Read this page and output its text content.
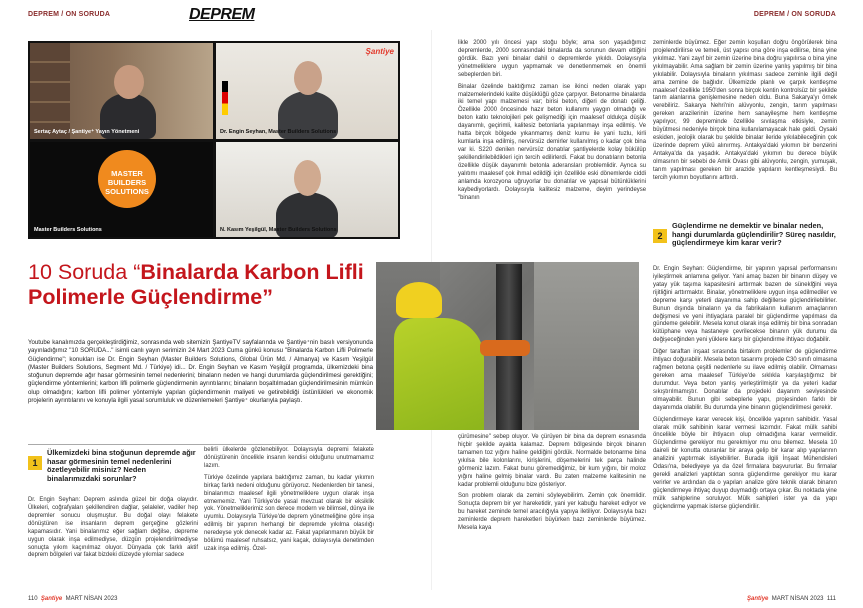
DEPREM / ON SORUDA	DEPREM	DEPREM / ON SORUDA
Sertaç Aytaç / Şantiye⁺ Yayın Yönetmeni
Şantiye
Dr. Engin Seyhan, Master Builders Solutions
MASTER BUILDERS SOLUTIONS
Master Builders Solutions	N. Kasım Yeşilgül, Master Builders Solutions
10 Soruda “Binalarda Karbon Lifli Polimerle Güçlendirme”
Youtube kanalımızda gerçekleştirdiğimiz, sonrasında web sitemizin ŞantiyeTV sayfalarında ve Şantiye⁺nin basılı versiyonunda yayınladığımız "10 SORUDA..." isimli canlı yayın serimizin 24 Mart 2023 Cuma günkü konusu "Binalarda Karbon Lifli Polimerle Güçlendirme"; konukları ise Dr. Engin Seyhan (Master Builders Solutions, Global Ürün Md. / Almanya) ve Kasım Yeşilgül (Master Builders Solutions, Segment Md. / Türkiye) idi... Dr. Engin Seyhan ve Kasım Yeşilgül programda, ülkemizdeki bina stoğunun depremde ağır hasar görmesinin temel nedenlerini; binaların neden ve hangi durumlarda güçlendirilmesi gerektiğini; güçlendirme yöntemlerini; karbon lifli polimerle güçlendirmenin ayrıntılarını; binaların boşaltılmadan güçlendirilmesinin mümkün olup olmadığını; karbon lifli polimer yöntemiyle yapılan güçlendirmenin maliyeti ve getirebildiği üstünlükleri ve ekonomik projelerin ayrıntılarını ve konuyla ilgili yasal sorumluluk ve düzenlemeleri Şantiye⁺ okurlarıyla paylaştı.
1
Ülkemizdeki bina stoğunun depremde ağır hasar görmesinin temel nedenlerini özetleyebilir misiniz? Neden binalarımızdaki sorunlar?

Dr. Engin Seyhan: Deprem aslında güzel bir doğa olayıdır. Ülkeleri, coğrafyaları şekillendiren dağlar, şelaleler, vadiler hep depremler sonucu oluşmuştur. Bu doğal olayı felakete dönüştüren ise insanların deprem gerçeğine gözlerini kapamasıdır. Yani binalarımız eğer sağlam değilse, depreme uygun olarak inşa edilmediyse, düzgün projelendirilmediyse sonuçta yıkım kaçınılmaz oluyor. Dünyada çok farklı aktif deprem bölgeleri var fakat bizdeki düzeyde yıkımlar sadece

belirli ülkelerde gözlenebiliyor. Dolayısıyla depremi felakete dönüştürenin öncelikle insanın kendisi olduğunu unutmamamız lazım.

Türkiye özelinde yapılara baktığımız zaman, bu kadar yıkımın birkaç farklı nedeni olduğunu görüyoruz. Nedenlerden bir tanesi, binalarımızı maalesef ilgili yönetmeliklere uygun olarak inşa etmememiz. Yani Türkiye'de yasal mevzuat olarak bir eksiklik yok. Yönetmeliklerimiz son derece modern ve bilimsel, dünya ile uyumlu. Dolayısıyla Türkiye'de deprem yönetmeliğine göre inşa edilmiş bir yapının herhangi bir depremde yıkılma olasılığı neredeyse yok denecek kadar az. Fakat yapılanmanın büyük bir bölümü maalesef ruhsatsız, yani kaçak, dolayısıyla denetimden uzak inşa edilmiş. Özel-

likle 2000 yılı öncesi yapı stoğu böyle; ama son yaşadığımız depremlerde, 2000 sonrasındaki binalarda da sorunun devam ettiğini gördük. Bazı yeni binalar dahil o depremlerde yıkıldı. Dolayısıyla yönetmeliklere uygun yapmamak ve denetlenmemek en önemli sebeplerden biri.

Binalar özelinde baktığımız zaman ise ikinci neden olarak yapı malzemelerindeki kalite düşüklüğü göze çarpıyor. Betonarme binalarda iki temel yapı malzemesi var; birisi beton, diğeri de donatı çeliği. Özellikle 2000 öncesinde hazır beton kullanımı yaygın olmadığı ve beton katkı teknolojileri pek gelişmediği için maalesef oldukça düşük dayanımlı, geçirimli, kalitesiz betonlarla yapılanmayı inşa edilmiş. Ve hatta birçok bölgede yıkanmamış deniz kumu ile yani tuzlu, kirli kumlarla inşa edilmiş, nervürsüz demirler kullanılmış o kadar çok bina var ki. S220 denilen nervürsüz donatılar şantiyelerde kolay bükülüp şekillendirilebildikleri için tercih edilirlerdi. Fakat bu donatıların betonla özellikle düşük dayanımlı betonla aderansları problemlidir. Ayrıca su yalıtımı maalesef çok ihmal edildiği için özellikle eski dönemlerde ciddi anlamda korozyona uğruyorlar bu donatılar ve yapısal bütünlüklerini kaybediyorlardı. Dolayısıyla kalitesiz malzeme, deyim yerindeyse "binanın

çürümesine" sebep oluyor. Ve çürüyen bir bina da deprem esnasında hiçbir şekilde ayakta kalamaz. Deprem bölgesinde birçok binanın tamamen toz yığını haline geldiğini gördük. Normalde betonarme bina yıkılsa bile kolonlarını, kirişlerini, döşemelerini tek parça halinde görmeniz lazım. Fakat bunu göremediğimiz, bir kum yığını, bir moloz yığını haline gelmiş binalar vardı. Bu zaten malzeme kalitesinin ne kadar problemli olduğunu bize gösteriyor.

Son problem olarak da zemini söyleyebilirim. Zemin çok önemlidir. Sonuçta deprem bir yer hareketidir, yani yer kabuğu hareket ediyor ve bu hareket zeminde temel aracılığıyla yapıya iletiliyor. Dolayısıyla bazı zeminlerde deprem hareketleri büyürken bazı zeminlerde büyümez. Mesela kaya

zeminlerde büyümez. Eğer zemin koşulları doğru öngörülerek bina projelendirilirse ve temeli, üst yapısı ona göre inşa edilirse, bina yine yıkılmaz. Yani zayıf bir zemin üzerine bina doğru yapılırsa o bina yine yıkılmayabilir. Ama sağlam bir zemin üzerine yanlış yapılmış bir bina yıkılabilir. Dolayısıyla binaların yıkılması sadece zeminle ilgili değil ama zemine de bağlıdır. Ülkemizde planlı ve çarpık kentleşme maalesef özellikle 1950'den sonra birçok kentin kontrolsüz bir şekilde tarım alanlarına genişlemesine neden oldu. Buna Sakarya'yı örnek verebiliriz. Sakarya Nehri'nin alüvyonlu, zengin, tarım yapılması gereken arazilerinin üzerine hem sanayileşme hem kentleşme yapılıyor, 99 depreminde özellikle sıvılaşma etkisiyle, zemin büyütmesi nedeniyle birçok bina kullanılamayacak hale geldi. Oysaki eskiden, jeolojik olarak bu şekilde binalar ileride yıkılabileceğinin çok üzerinde deprem yükü alınırmış. Antakya'daki yıkımın bir benzerini Antakya'da da yaşadık. Antakya'daki yıkımın bu derece büyük olmasının bir sebebi de Amik Ovası gibi alüvyonlu, zengin, yumuşak, tarım yapılması gereken bir arazide yapıların kentleşmesiydi. Bu tercih yıkımın boyutlarını arttırdı.

2
Güçlendirme ne demektir ve binalar neden, hangi durumlarda güçlendirilir? Süreç nasıldır, güçlendirmeye kim karar verir?

Dr. Engin Seyhan: Güçlendirme, bir yapının yapısal performansını iyileştirmek anlamına geliyor. Yani amaç bazen bir binanın düşey ve yatay yük taşıma kapasitesini arttırmak bazen de süneklğini veya rijitliğini arttırmaktır. Binalar, yönetmeliklere uygun inşa edilmediler ve depreme karşı yeterli dayanıma sahip değillerse güçlendirilebilirler. Bunun dışında binaların ya da fabrikaların kullanım amaçlarının değişmesi ve yeni ihtiyaçlara paralel bir güçlendirme yapılması da gündeme gelebilir. Mesela konut olarak inşa edilmiş bir bina sonradan kütüphane veya hastaneye çevrilecekse binanın yük durumu da değişeceğinden yeni yüklere karşı bir güçlendirme ihtiyacı doğabilir.

Diğer taraftan inşaat sırasında birtakım problemler de güçlendirme ihtiyacı doğurabilir. Mesela beton tasarımı projede C30 sınıfı olmasına rağmen betona çeşitli nedenlerle su ilave edilmiş olabilir. Olmaması gereken ama maalesef Türkiye'de sıklıkla karşılaştığımız bir durumdur. Veya beton yanlış yerleştirilmiştir ya da yeteri kadar sıkıştırılmamıştır. Donatılar da projedeki dayanım seviyesinde olmayabilir. Bunun gibi sebeplerle yapı, projesinden farklı bir dayanımda olabilir. Bu durumda yine binanın güçlendirilmesi gerekir.

Güçlendirmeye karar verecek kişi, öncelikle yapının sahibidir. Yasal olarak mülk sahibinin karar vermesi lazımdır. Fakat mülk sahibi öncelikle böyle bir ihtiyacın olup olmadığına karar vermelidir. Güçlendirme gerekiyor mu gerekmiyor mu onu bilemez. Mesela 10 daireli bir konutta oturanlar bir araya gelip bir karar alıp yapılarının analizini yaptırmak istiyebilirler. Burada ilgili İnşaat Mühendisleri Odası'na, belediyeye ya da özel firmalara başvururlar. Bu firmalar gerekli analizleri yaptıktan sonra güçlendirme gerekiyor mu karar verirler ve ardından da o yapıları analize göre teknik olarak binanın güçlendirmeye ihtiyaç duyup duymadığı ortaya çıkar. Bu noktada yine mülk sahiplerine soruluyor. Mülk sahipleri ister ya da yapı güçlendirme yapmak isterse güçlendirilir.

110 Şantiye MART NİSAN 2023	Şantiye MART NİSAN 2023 111
